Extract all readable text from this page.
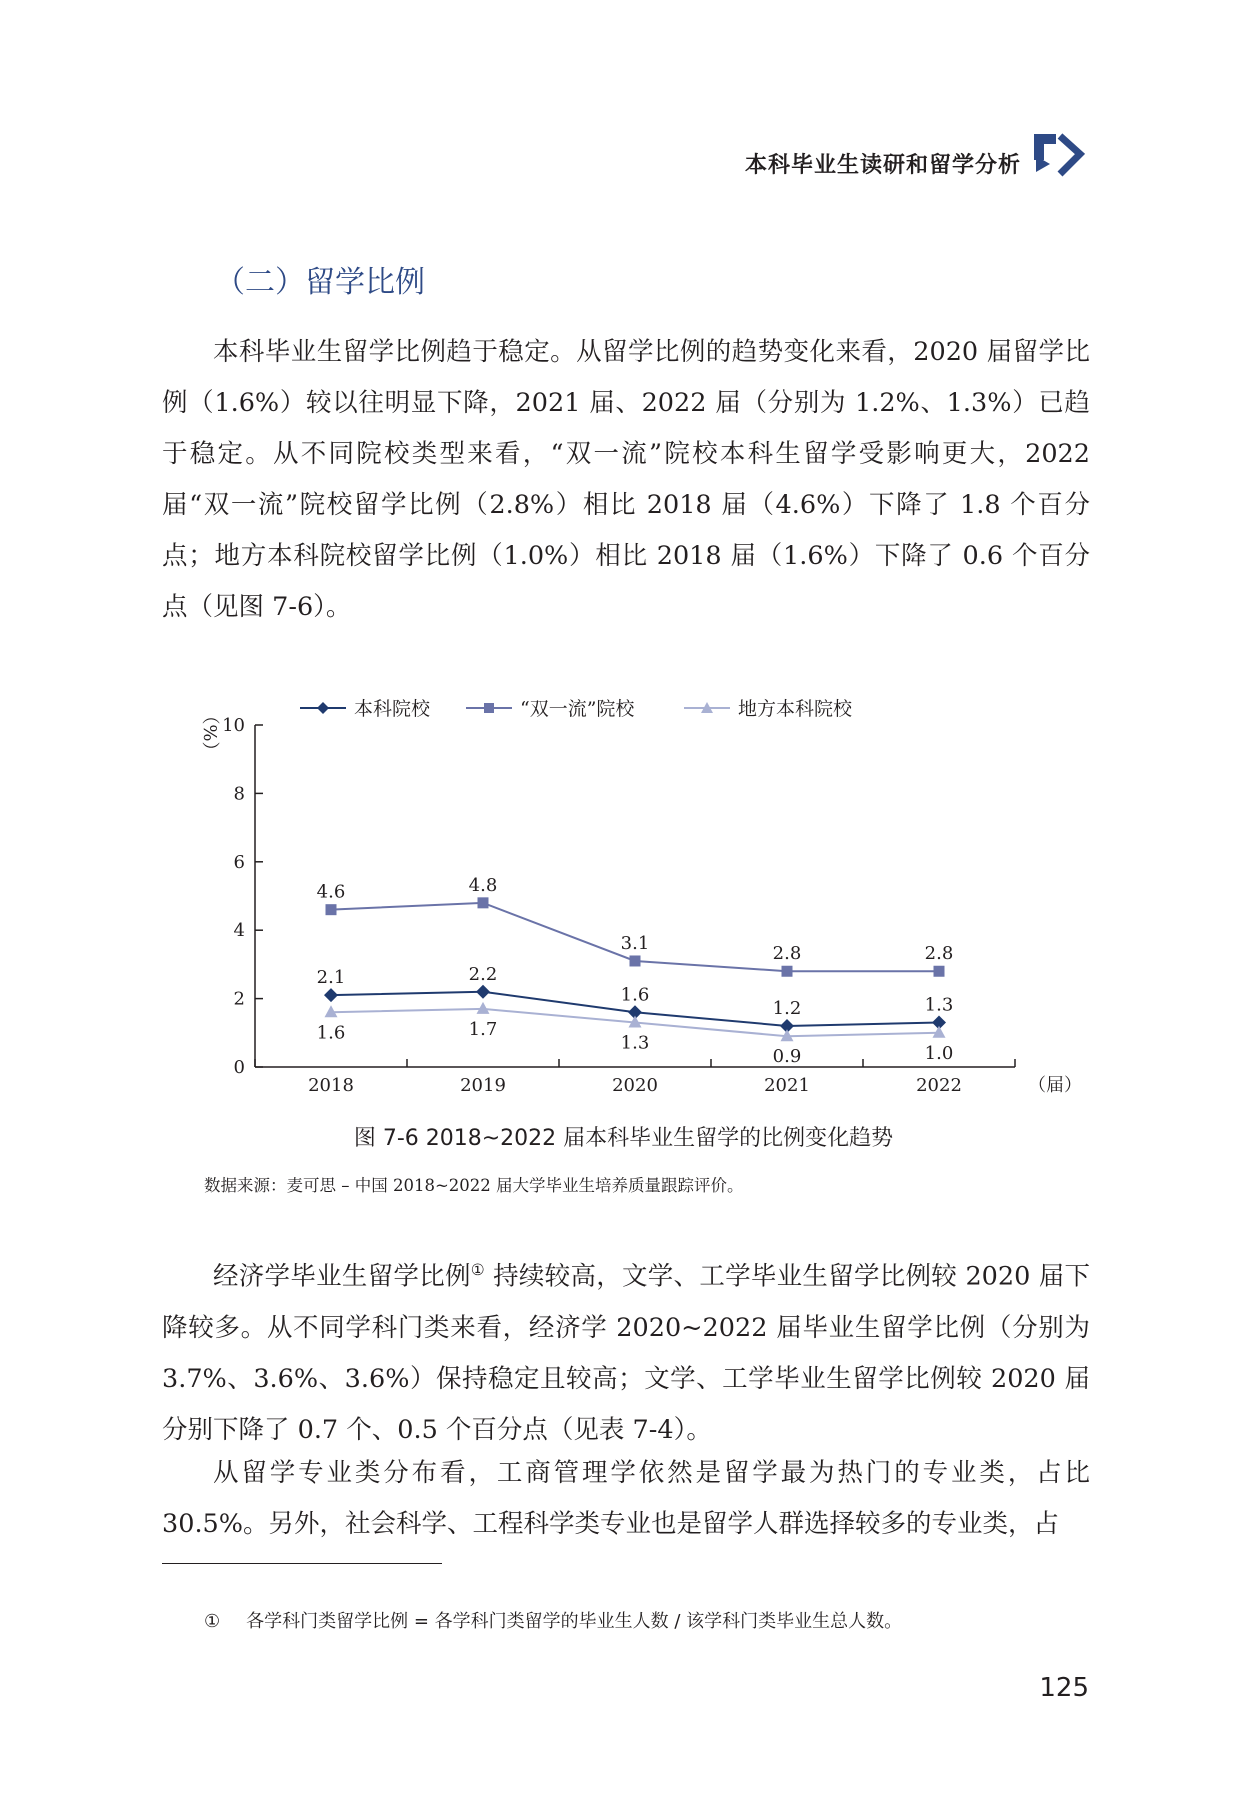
本科毕业生读研和留学分析
（二）留学比例

本科毕业生留学比例趋于稳定。从留学比例的趋势变化来看，2020 届留学比例（1.6%）较以往明显下降，2021 届、2022 届（分别为 1.2%、1.3%）已趋于稳定。从不同院校类型来看，“双一流”院校本科生留学受影响更大，2022 届“双一流”院校留学比例（2.8%）相比 2018 届（4.6%）下降了 1.8 个百分点；地方本科院校留学比例（1.0%）相比 2018 届（1.6%）下降了 0.6 个百分点（见图 7-6）。

本科院校	“双一流”院校	地方本科院校
0
2
4
6
8
10
2018	2019	2020	2021	2022	（届）
（%）
2.1	2.2
1.6
1.2	1.3
4.6	4.8
3.1	2.8	2.8
1.6	1.7
1.3
0.9	1.0
图 7-6 2018~2022 届本科毕业生留学的比例变化趋势
数据来源：麦可思 – 中国 2018~2022 届大学毕业生培养质量跟踪评价。

经济学毕业生留学比例① 持续较高，文学、工学毕业生留学比例较 2020 届下降较多。从不同学科门类来看，经济学 2020~2022 届毕业生留学比例（分别为 3.7%、3.6%、3.6%）保持稳定且较高；文学、工学毕业生留学比例较 2020 届分别下降了 0.7 个、0.5 个百分点（见表 7-4）。

从留学专业类分布看，工商管理学依然是留学最为热门的专业类，占比 30.5%。另外，社会科学、工程科学类专业也是留学人群选择较多的专业类，占

① 各学科门类留学比例 = 各学科门类留学的毕业生人数 / 该学科门类毕业生总人数。
125
